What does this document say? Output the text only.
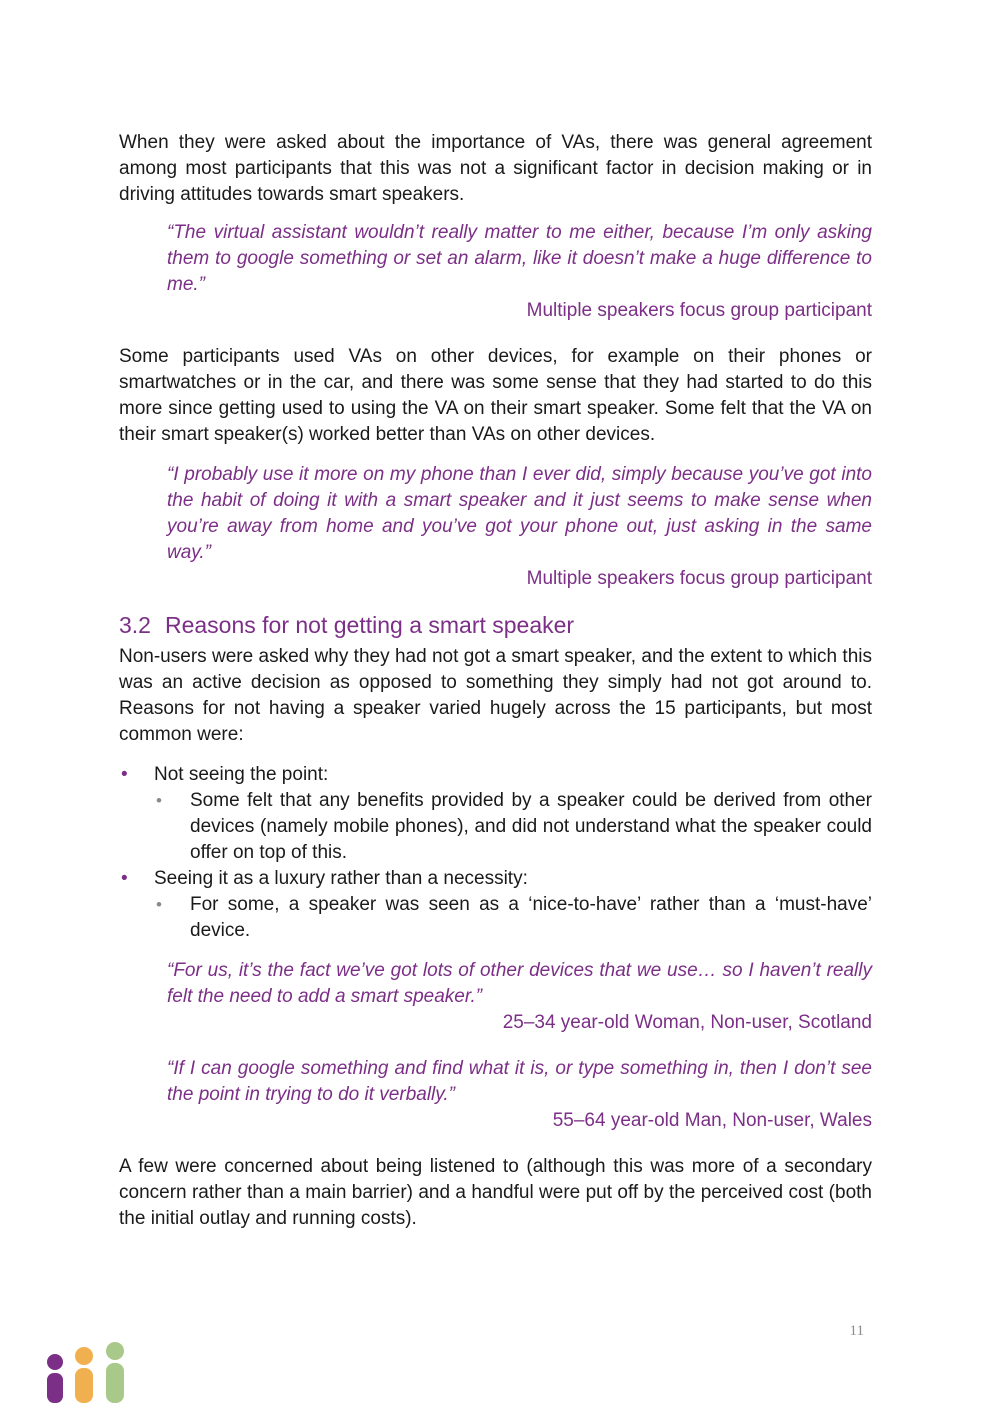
When they were asked about the importance of VAs, there was general agreement among most participants that this was not a significant factor in decision making or in driving attitudes towards smart speakers.

“The virtual assistant wouldn’t really matter to me either, because I’m only asking them to google something or set an alarm, like it doesn’t make a huge difference to me.”

Multiple speakers focus group participant

Some participants used VAs on other devices, for example on their phones or smartwatches or in the car, and there was some sense that they had started to do this more since getting used to using the VA on their smart speaker. Some felt that the VA on their smart speaker(s) worked better than VAs on other devices.

“I probably use it more on my phone than I ever did, simply because you’ve got into the habit of doing it with a smart speaker and it just seems to make sense when you’re away from home and you’ve got your phone out, just asking in the same way.”

Multiple speakers focus group participant

3.2 Reasons for not getting a smart speaker

Non-users were asked why they had not got a smart speaker, and the extent to which this was an active decision as opposed to something they simply had not got around to. Reasons for not having a speaker varied hugely across the 15 participants, but most common were:

• Not seeing the point:
• Some felt that any benefits provided by a speaker could be derived from other devices (namely mobile phones), and did not understand what the speaker could offer on top of this.
• Seeing it as a luxury rather than a necessity:
• For some, a speaker was seen as a ‘nice-to-have’ rather than a ‘must-have’ device.

“For us, it’s the fact we’ve got lots of other devices that we use… so I haven’t really felt the need to add a smart speaker.”

25–34 year-old Woman, Non-user, Scotland

“If I can google something and find what it is, or type something in, then I don’t see the point in trying to do it verbally.”

55–64 year-old Man, Non-user, Wales

A few were concerned about being listened to (although this was more of a secondary concern rather than a main barrier) and a handful were put off by the perceived cost (both the initial outlay and running costs).

11
